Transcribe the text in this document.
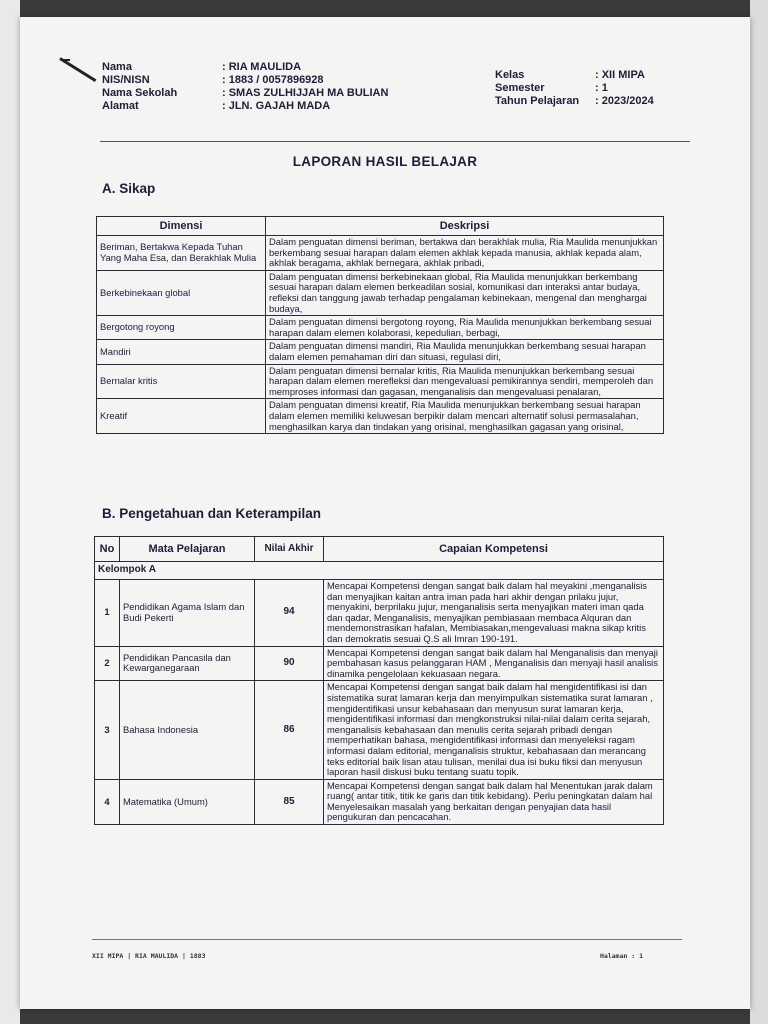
Nama	: RIA MAULIDA
NIS/NISN	: 1883 / 0057896928
Nama Sekolah	: SMAS ZULHIJJAH MA BULIAN
Alamat	: JLN. GAJAH MADA
Kelas	: XII MIPA
Semester	: 1
Tahun Pelajaran	: 2023/2024
LAPORAN HASIL BELAJAR
A. Sikap
Dimensi	Deskripsi
Beriman, Bertakwa Kepada Tuhan Yang Maha Esa, dan Berakhlak Mulia	Dalam penguatan dimensi beriman, bertakwa dan berakhlak mulia, Ria Maulida menunjukkan berkembang sesuai harapan dalam elemen akhlak kepada manusia, akhlak kepada alam, akhlak beragama, akhlak bernegara, akhlak pribadi,
Berkebinekaan global	Dalam penguatan dimensi berkebinekaan global, Ria Maulida menunjukkan berkembang sesuai harapan dalam elemen berkeadilan sosial, komunikasi dan interaksi antar budaya, refleksi dan tanggung jawab terhadap pengalaman kebinekaan, mengenal dan menghargai budaya,
Bergotong royong	Dalam penguatan dimensi bergotong royong, Ria Maulida menunjukkan berkembang sesuai harapan dalam elemen kolaborasi, kepedulian, berbagi,
Mandiri	Dalam penguatan dimensi mandiri, Ria Maulida menunjukkan berkembang sesuai harapan dalam elemen pemahaman diri dan situasi, regulasi diri,
Bernalar kritis	Dalam penguatan dimensi bernalar kritis, Ria Maulida menunjukkan berkembang sesuai harapan dalam elemen merefleksi dan mengevaluasi pemikirannya sendiri, memperoleh dan memproses informasi dan gagasan, menganalisis dan mengevaluasi penalaran,
Kreatif	Dalam penguatan dimensi kreatif, Ria Maulida menunjukkan berkembang sesuai harapan dalam elemen memiliki keluwesan berpikir dalam mencari alternatif solusi permasalahan, menghasilkan karya dan tindakan yang orisinal, menghasilkan gagasan yang orisinal,
B. Pengetahuan dan Keterampilan
No	Mata Pelajaran	Nilai Akhir	Capaian Kompetensi
Kelompok A			
1	Pendidikan Agama Islam dan Budi Pekerti	94	Mencapai Kompetensi dengan sangat baik dalam hal meyakini ,menganalisis dan menyajikan kaitan antra iman pada hari akhir dengan prilaku jujur, menyakini, berprilaku jujur, menganalisis serta menyajikan materi iman qada dan qadar, Menganalisis, menyajikan pembiasaan membaca Alquran dan mendemonstrasikan hafalan, Membiasakan,mengevaluasi makna sikap kritis dan demokratis sesuai Q.S ali Imran 190-191.
2	Pendidikan Pancasila dan Kewarganegaraan	90	Mencapai Kompetensi dengan sangat baik dalam hal Menganalisis dan menyaji pembahasan kasus pelanggaran HAM , Menganalisis dan menyaji hasil analisis dinamika pengelolaan kekuasaan negara.
3	Bahasa Indonesia	86	Mencapai Kompetensi dengan sangat baik dalam hal mengidentifikasi isi dan sistematika surat lamaran kerja dan menyimpulkan sistematika surat lamaran , mengidentifikasi unsur kebahasaan dan menyusun surat lamaran kerja, mengidentifikasi informasi dan mengkonstruksi nilai-nilai dalam cerita sejarah, menganalisis kebahasaan dan menulis cerita sejarah pribadi dengan memperhatikan bahasa, mengidentifikasi informasi dan menyeleksi ragam informasi dalam editorial, menganalisis struktur, kebahasaan dan merancang teks editorial baik lisan atau tulisan, menilai dua isi buku fiksi dan menyusun laporan hasil diskusi buku tentang suatu topik.
4	Matematika (Umum)	85	Mencapai Kompetensi dengan sangat baik dalam hal Menentukan jarak dalam ruang( antar titik, titik ke garis dan titik kebidang). Perlu peningkatan dalam hal Menyelesaikan masalah yang berkaitan dengan penyajian data hasil pengukuran dan pencacahan.
XII MIPA | RIA MAULIDA | 1883	Halaman : 1
